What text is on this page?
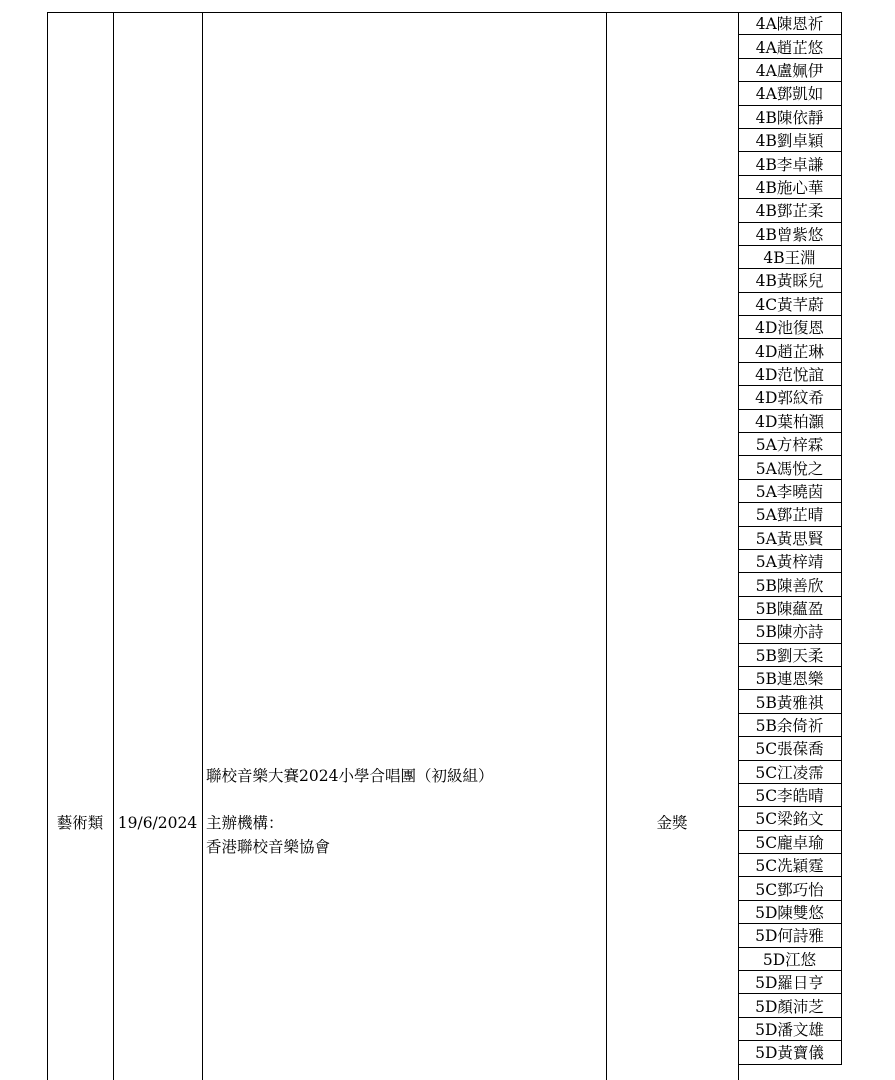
藝術類 19/6/2024
聯校音樂大賽2024小學合唱團（初級組）
主辦機構：
香港聯校音樂協會
金獎
4A陳恩祈
4A趙芷悠
4A盧姵伊
4A鄧凱如
4B陳依靜
4B劉卓穎
4B李卓謙
4B施心華
4B鄧芷柔
4B曾紫悠
4B王淵
4B黃睬兒
4C黃芊蔚
4D池復恩
4D趙芷琳
4D范悅誼
4D郭紋希
4D葉柏灝
5A方梓霖
5A馮悅之
5A李曉茵
5A鄧芷晴
5A黃思賢
5A黃梓靖
5B陳善欣
5B陳蘊盈
5B陳亦詩
5B劉天柔
5B連恩樂
5B黃雅祺
5B余倚祈
5C張葆喬
5C江凌霈
5C李皓晴
5C梁銘文
5C龐卓瑜
5C冼穎霆
5C鄧巧怡
5D陳雙悠
5D何詩雅
5D江悠
5D羅日亨
5D顏沛芝
5D潘文雄
5D黃寶儀
